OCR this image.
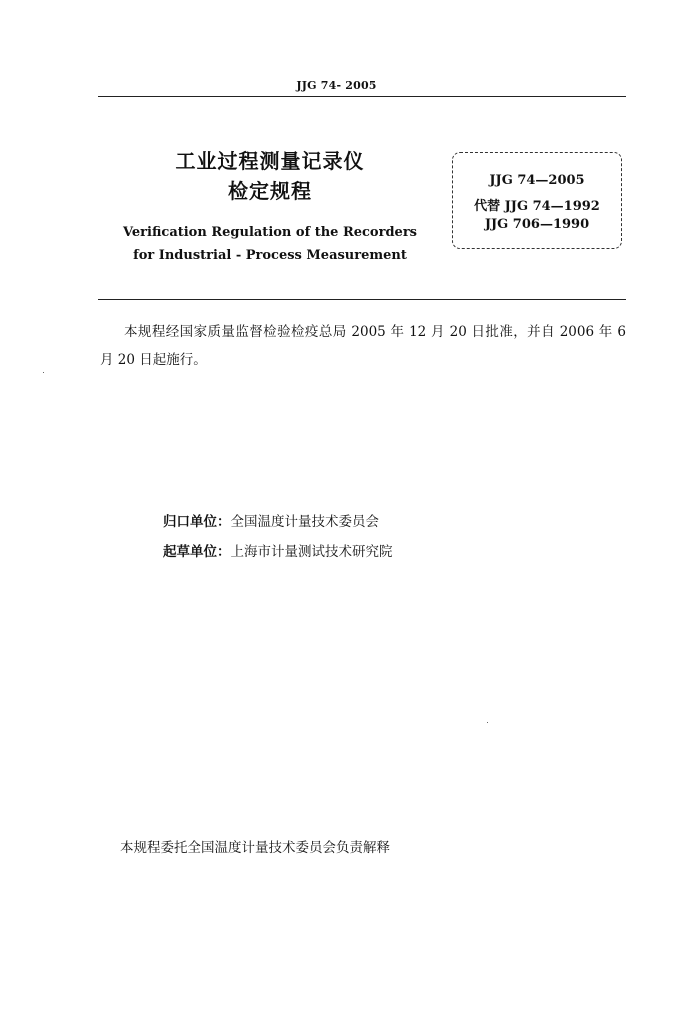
JJG 74- 2005
工业过程测量记录仪
检定规程
Verification Regulation of the Recorders
for Industrial - Process Measurement
JJG 74—2005
代替 JJG 74—1992
JJG 706—1990
本规程经国家质量监督检验检疫总局 2005 年 12 月 20 日批准，并自 2006 年 6 月 20 日起施行。
归口单位：全国温度计量技术委员会
起草单位：上海市计量测试技术研究院
本规程委托全国温度计量技术委员会负责解释
